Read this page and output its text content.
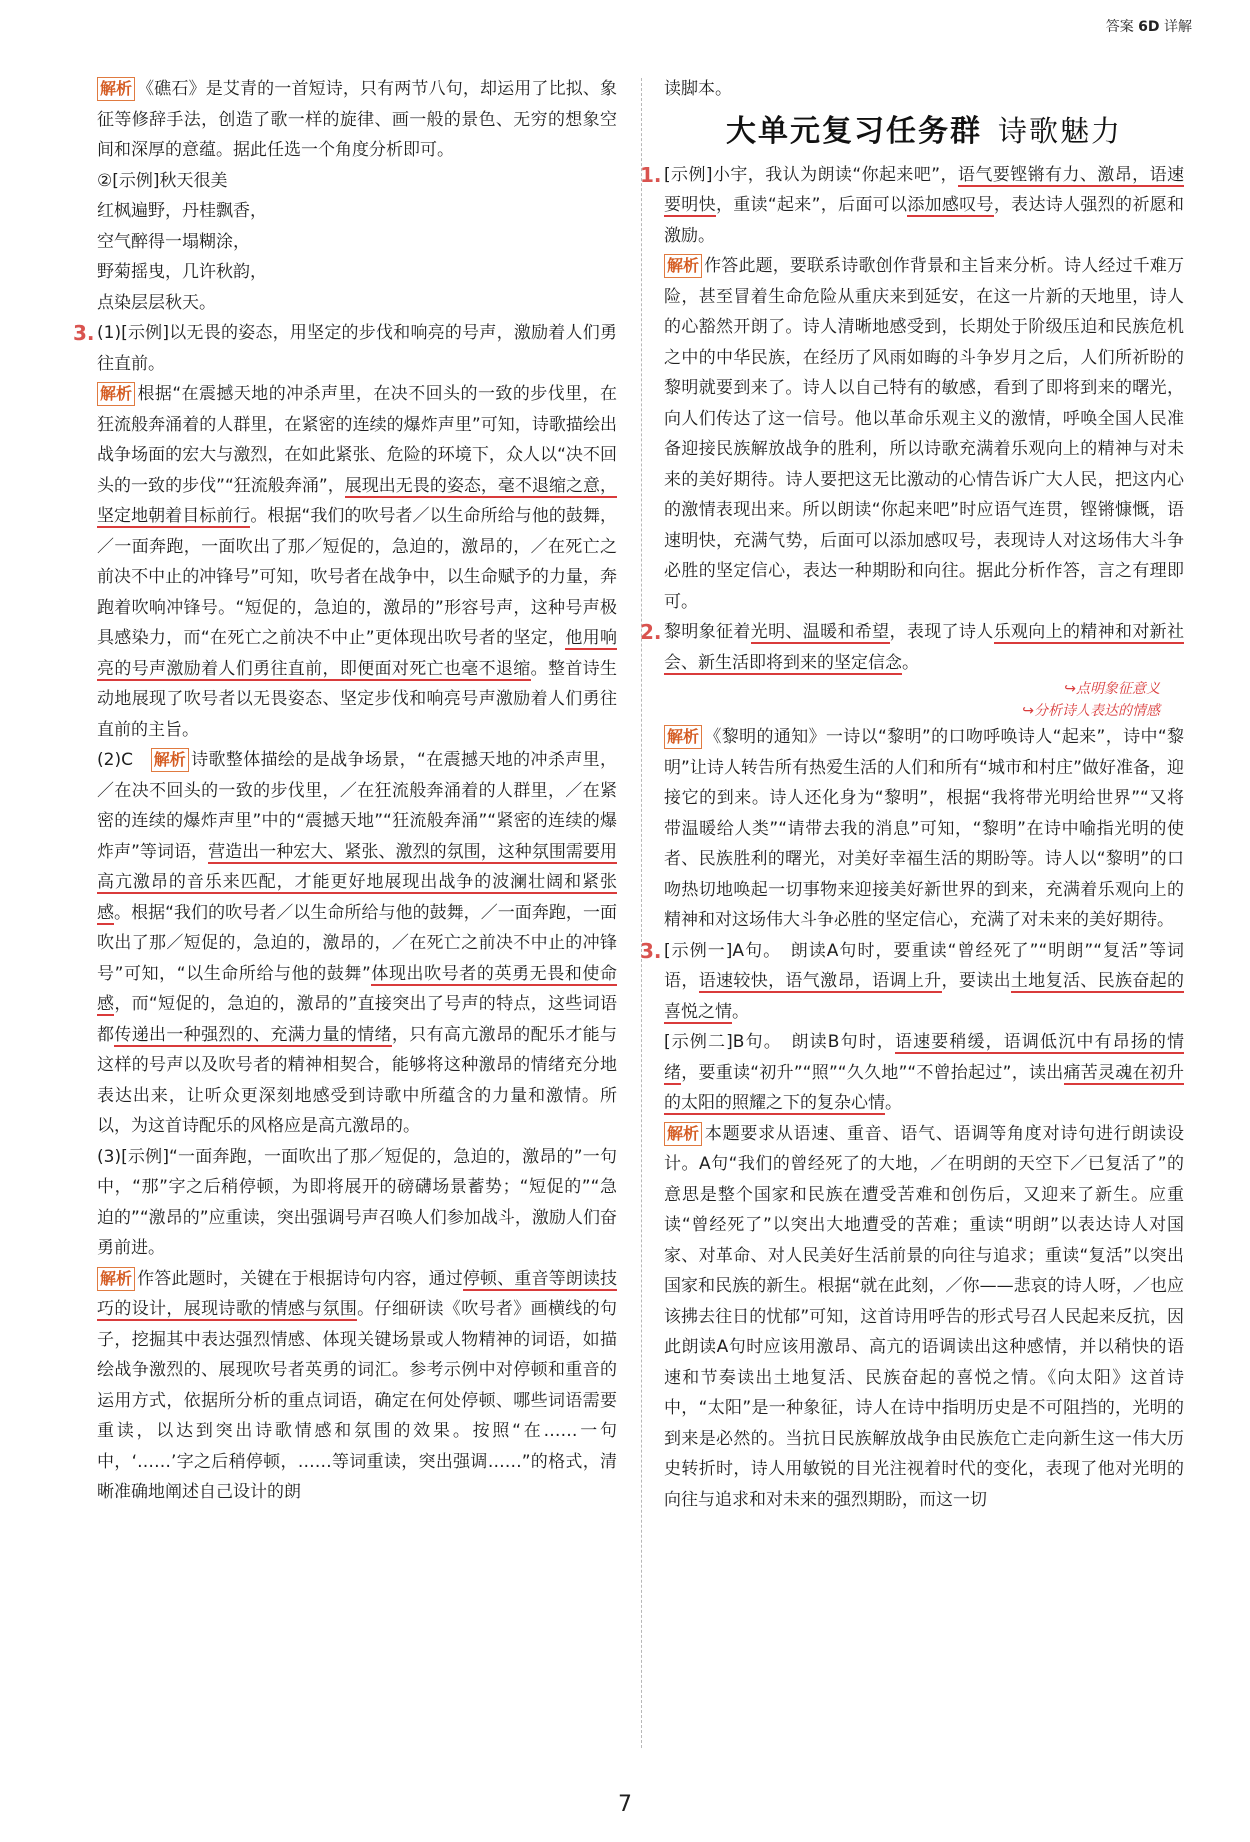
答案 6D 详解

解析 《礁石》是艾青的一首短诗，只有两节八句，却运用了比拟、象征等修辞手法，创造了歌一样的旋律、画一般的景色、无穷的想象空间和深厚的意蕴。据此任选一个角度分析即可。

②[示例]秋天很美

红枫遍野，丹桂飘香，

空气醉得一塌糊涂，

野菊摇曳，几许秋韵，

点染层层秋天。

3. (1)[示例]以无畏的姿态，用坚定的步伐和响亮的号声，激励着人们勇往直前。

解析 根据“在震撼天地的冲杀声里，在决不回头的一致的步伐里，在狂流般奔涌着的人群里，在紧密的连续的爆炸声里”可知，诗歌描绘出战争场面的宏大与激烈，在如此紧张、危险的环境下，众人以“决不回头的一致的步伐”“狂流般奔涌”，展现出无畏的姿态，毫不退缩之意，坚定地朝着目标前行。根据“我们的吹号者／以生命所给与他的鼓舞，／一面奔跑，一面吹出了那／短促的，急迫的，激昂的，／在死亡之前决不中止的冲锋号”可知，吹号者在战争中，以生命赋予的力量，奔跑着吹响冲锋号。“短促的，急迫的，激昂的”形容号声，这种号声极具感染力，而“在死亡之前决不中止”更体现出吹号者的坚定，他用响亮的号声激励着人们勇往直前，即便面对死亡也毫不退缩。整首诗生动地展现了吹号者以无畏姿态、坚定步伐和响亮号声激励着人们勇往直前的主旨。

(2)C　 解析 诗歌整体描绘的是战争场景，“在震撼天地的冲杀声里，／在决不回头的一致的步伐里，／在狂流般奔涌着的人群里，／在紧密的连续的爆炸声里”中的“震撼天地”“狂流般奔涌”“紧密的连续的爆炸声”等词语，营造出一种宏大、紧张、激烈的氛围，这种氛围需要用高亢激昂的音乐来匹配，才能更好地展现出战争的波澜壮阔和紧张感。根据“我们的吹号者／以生命所给与他的鼓舞，／一面奔跑，一面吹出了那／短促的，急迫的，激昂的，／在死亡之前决不中止的冲锋号”可知，“以生命所给与他的鼓舞”体现出吹号者的英勇无畏和使命感，而“短促的，急迫的，激昂的”直接突出了号声的特点，这些词语都传递出一种强烈的、充满力量的情绪，只有高亢激昂的配乐才能与这样的号声以及吹号者的精神相契合，能够将这种激昂的情绪充分地表达出来，让听众更深刻地感受到诗歌中所蕴含的力量和激情。所以，为这首诗配乐的风格应是高亢激昂的。

(3)[示例]“一面奔跑，一面吹出了那／短促的，急迫的，激昂的”一句中，“那”字之后稍停顿，为即将展开的磅礴场景蓄势；“短促的”“急迫的”“激昂的”应重读，突出强调号声召唤人们参加战斗，激励人们奋勇前进。

解析 作答此题时，关键在于根据诗句内容，通过停顿、重音等朗读技巧的设计，展现诗歌的情感与氛围。仔细研读《吹号者》画横线的句子，挖掘其中表达强烈情感、体现关键场景或人物精神的词语，如描绘战争激烈的、展现吹号者英勇的词汇。参考示例中对停顿和重音的运用方式，依据所分析的重点词语，确定在何处停顿、哪些词语需要重读，以达到突出诗歌情感和氛围的效果。按照“在……一句中，‘……’字之后稍停顿，……等词重读，突出强调……”的格式，清晰准确地阐述自己设计的朗

读脚本。

大单元复习任务群 诗歌魅力

1. [示例]小宇，我认为朗读“你起来吧”，语气要铿锵有力、激昂，语速要明快，重读“起来”，后面可以添加感叹号，表达诗人强烈的祈愿和激励。

解析 作答此题，要联系诗歌创作背景和主旨来分析。诗人经过千难万险，甚至冒着生命危险从重庆来到延安，在这一片新的天地里，诗人的心豁然开朗了。诗人清晰地感受到，长期处于阶级压迫和民族危机之中的中华民族，在经历了风雨如晦的斗争岁月之后，人们所祈盼的黎明就要到来了。诗人以自己特有的敏感，看到了即将到来的曙光，向人们传达了这一信号。他以革命乐观主义的激情，呼唤全国人民准备迎接民族解放战争的胜利，所以诗歌充满着乐观向上的精神与对未来的美好期待。诗人要把这无比激动的心情告诉广大人民，把这内心的激情表现出来。所以朗读“你起来吧”时应语气连贯，铿锵慷慨，语速明快，充满气势，后面可以添加感叹号，表现诗人对这场伟大斗争必胜的坚定信心，表达一种期盼和向往。据此分析作答，言之有理即可。

2. 黎明象征着光明、温暖和希望，表现了诗人乐观向上的精神和对新社会、新生活即将到来的坚定信念。

↪点明象征意义
↪分析诗人表达的情感

解析 《黎明的通知》一诗以“黎明”的口吻呼唤诗人“起来”，诗中“黎明”让诗人转告所有热爱生活的人们和所有“城市和村庄”做好准备，迎接它的到来。诗人还化身为“黎明”，根据“我将带光明给世界”“又将带温暖给人类”“请带去我的消息”可知，“黎明”在诗中喻指光明的使者、民族胜利的曙光，对美好幸福生活的期盼等。诗人以“黎明”的口吻热切地唤起一切事物来迎接美好新世界的到来，充满着乐观向上的精神和对这场伟大斗争必胜的坚定信心，充满了对未来的美好期待。

3. [示例一]A句。　朗读A句时，要重读“曾经死了”“明朗”“复活”等词语，语速较快，语气激昂，语调上升，要读出土地复活、民族奋起的喜悦之情。

[示例二]B句。　朗读B句时，语速要稍缓，语调低沉中有昂扬的情绪，要重读“初升”“照”“久久地”“不曾抬起过”，读出痛苦灵魂在初升的太阳的照耀之下的复杂心情。

解析 本题要求从语速、重音、语气、语调等角度对诗句进行朗读设计。A句“我们的曾经死了的大地，／在明朗的天空下／已复活了”的意思是整个国家和民族在遭受苦难和创伤后，又迎来了新生。应重读“曾经死了”以突出大地遭受的苦难；重读“明朗”以表达诗人对国家、对革命、对人民美好生活前景的向往与追求；重读“复活”以突出国家和民族的新生。根据“就在此刻，／你——悲哀的诗人呀，／也应该拂去往日的忧郁”可知，这首诗用呼告的形式号召人民起来反抗，因此朗读A句时应该用激昂、高亢的语调读出这种感情，并以稍快的语速和节奏读出土地复活、民族奋起的喜悦之情。《向太阳》这首诗中，“太阳”是一种象征，诗人在诗中指明历史是不可阻挡的，光明的到来是必然的。当抗日民族解放战争由民族危亡走向新生这一伟大历史转折时，诗人用敏锐的目光注视着时代的变化，表现了他对光明的向往与追求和对未来的强烈期盼，而这一切

7
